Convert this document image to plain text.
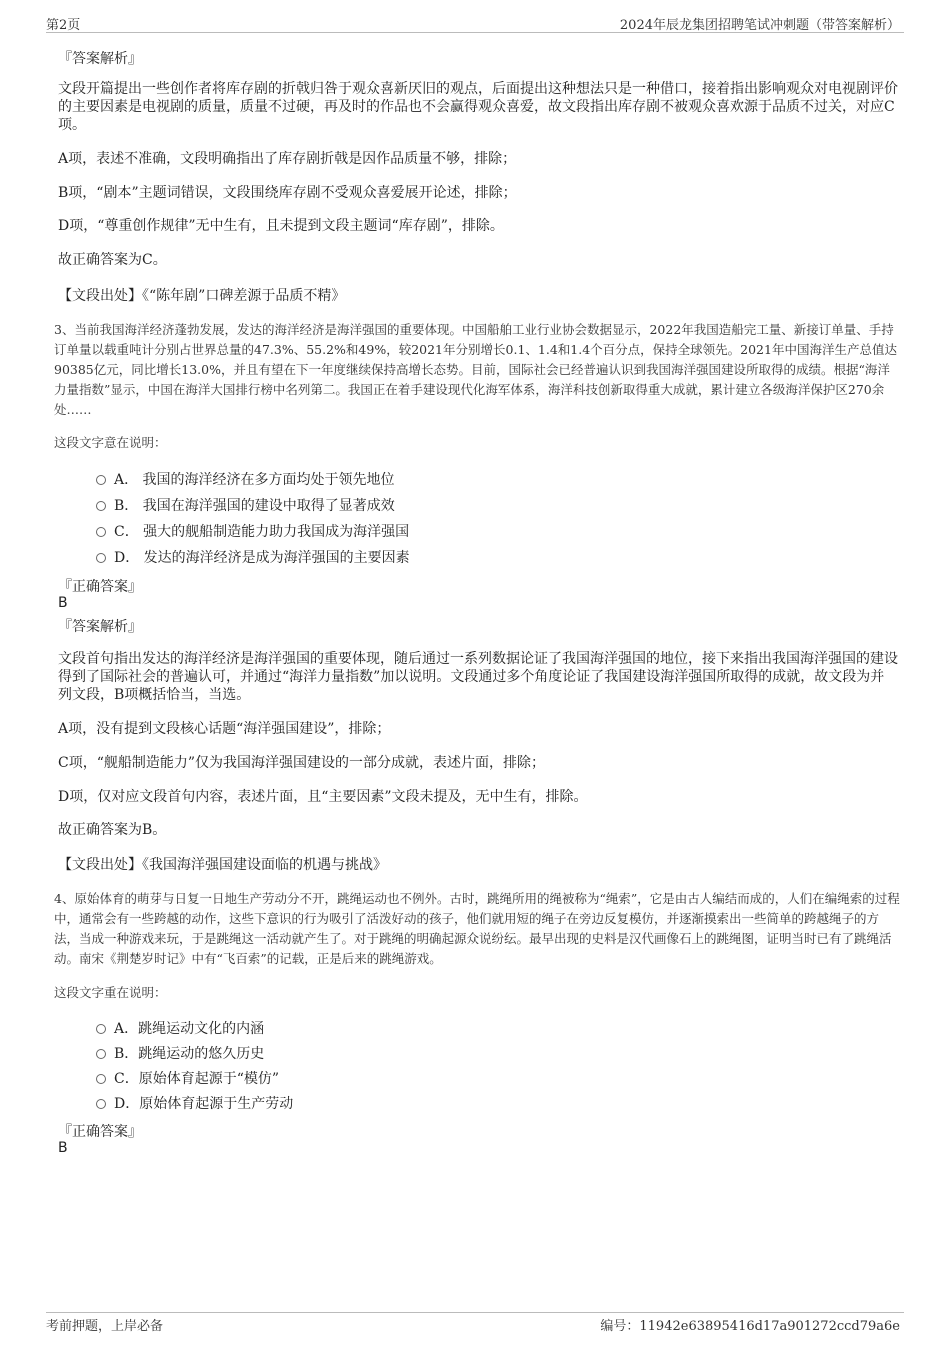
第2页	2024年辰龙集团招聘笔试冲刺题（带答案解析）
『答案解析』
文段开篇提出一些创作者将库存剧的折戟归咎于观众喜新厌旧的观点，后面提出这种想法只是一种借口，接着指出影响观众对电视剧评价的主要因素是电视剧的质量，质量不过硬，再及时的作品也不会赢得观众喜爱，故文段指出库存剧不被观众喜欢源于品质不过关，对应C项。
A项，表述不准确，文段明确指出了库存剧折戟是因作品质量不够，排除；
B项，“剧本”主题词错误，文段围绕库存剧不受观众喜爱展开论述，排除；
D项，“尊重创作规律”无中生有，且未提到文段主题词“库存剧”，排除。
故正确答案为C。
【文段出处】《“陈年剧”口碑差源于品质不精》
3、当前我国海洋经济蓬勃发展，发达的海洋经济是海洋强国的重要体现。中国船舶工业行业协会数据显示，2022年我国造船完工量、新接订单量、手持订单量以载重吨计分别占世界总量的47.3%、55.2%和49%，较2021年分别增长0.1、1.4和1.4个百分点，保持全球领先。2021年中国海洋生产总值达90385亿元，同比增长13.0%，并且有望在下一年度继续保持高增长态势。目前，国际社会已经普遍认识到我国海洋强国建设所取得的成绩。根据“海洋力量指数”显示，中国在海洋大国排行榜中名列第二。我国正在着手建设现代化海军体系，海洋科技创新取得重大成就，累计建立各级海洋保护区270余处……
这段文字意在说明：
A． 我国的海洋经济在多方面均处于领先地位
B． 我国在海洋强国的建设中取得了显著成效
C． 强大的舰船制造能力助力我国成为海洋强国
D． 发达的海洋经济是成为海洋强国的主要因素
『正确答案』
B
『答案解析』
文段首句指出发达的海洋经济是海洋强国的重要体现，随后通过一系列数据论证了我国海洋强国的地位，接下来指出我国海洋强国的建设得到了国际社会的普遍认可，并通过“海洋力量指数”加以说明。文段通过多个角度论证了我国建设海洋强国所取得的成就，故文段为并列文段，B项概括恰当，当选。
A项，没有提到文段核心话题“海洋强国建设”，排除；
C项，“舰船制造能力”仅为我国海洋强国建设的一部分成就，表述片面，排除；
D项，仅对应文段首句内容，表述片面，且“主要因素”文段未提及，无中生有，排除。
故正确答案为B。
【文段出处】《我国海洋强国建设面临的机遇与挑战》
4、原始体育的萌芽与日复一日地生产劳动分不开，跳绳运动也不例外。古时，跳绳所用的绳被称为“绳索”，它是由古人编结而成的，人们在编绳索的过程中，通常会有一些跨越的动作，这些下意识的行为吸引了活泼好动的孩子，他们就用短的绳子在旁边反复模仿，并逐渐摸索出一些简单的跨越绳子的方法，当成一种游戏来玩，于是跳绳这一活动就产生了。对于跳绳的明确起源众说纷纭。最早出现的史料是汉代画像石上的跳绳图，证明当时已有了跳绳活动。南宋《荆楚岁时记》中有“飞百索”的记载，正是后来的跳绳游戏。
这段文字重在说明：
A．跳绳运动文化的内涵
B．跳绳运动的悠久历史
C．原始体育起源于“模仿”
D．原始体育起源于生产劳动
『正确答案』
B
考前押题，上岸必备	编号：11942e63895416d17a901272ccd79a6e
